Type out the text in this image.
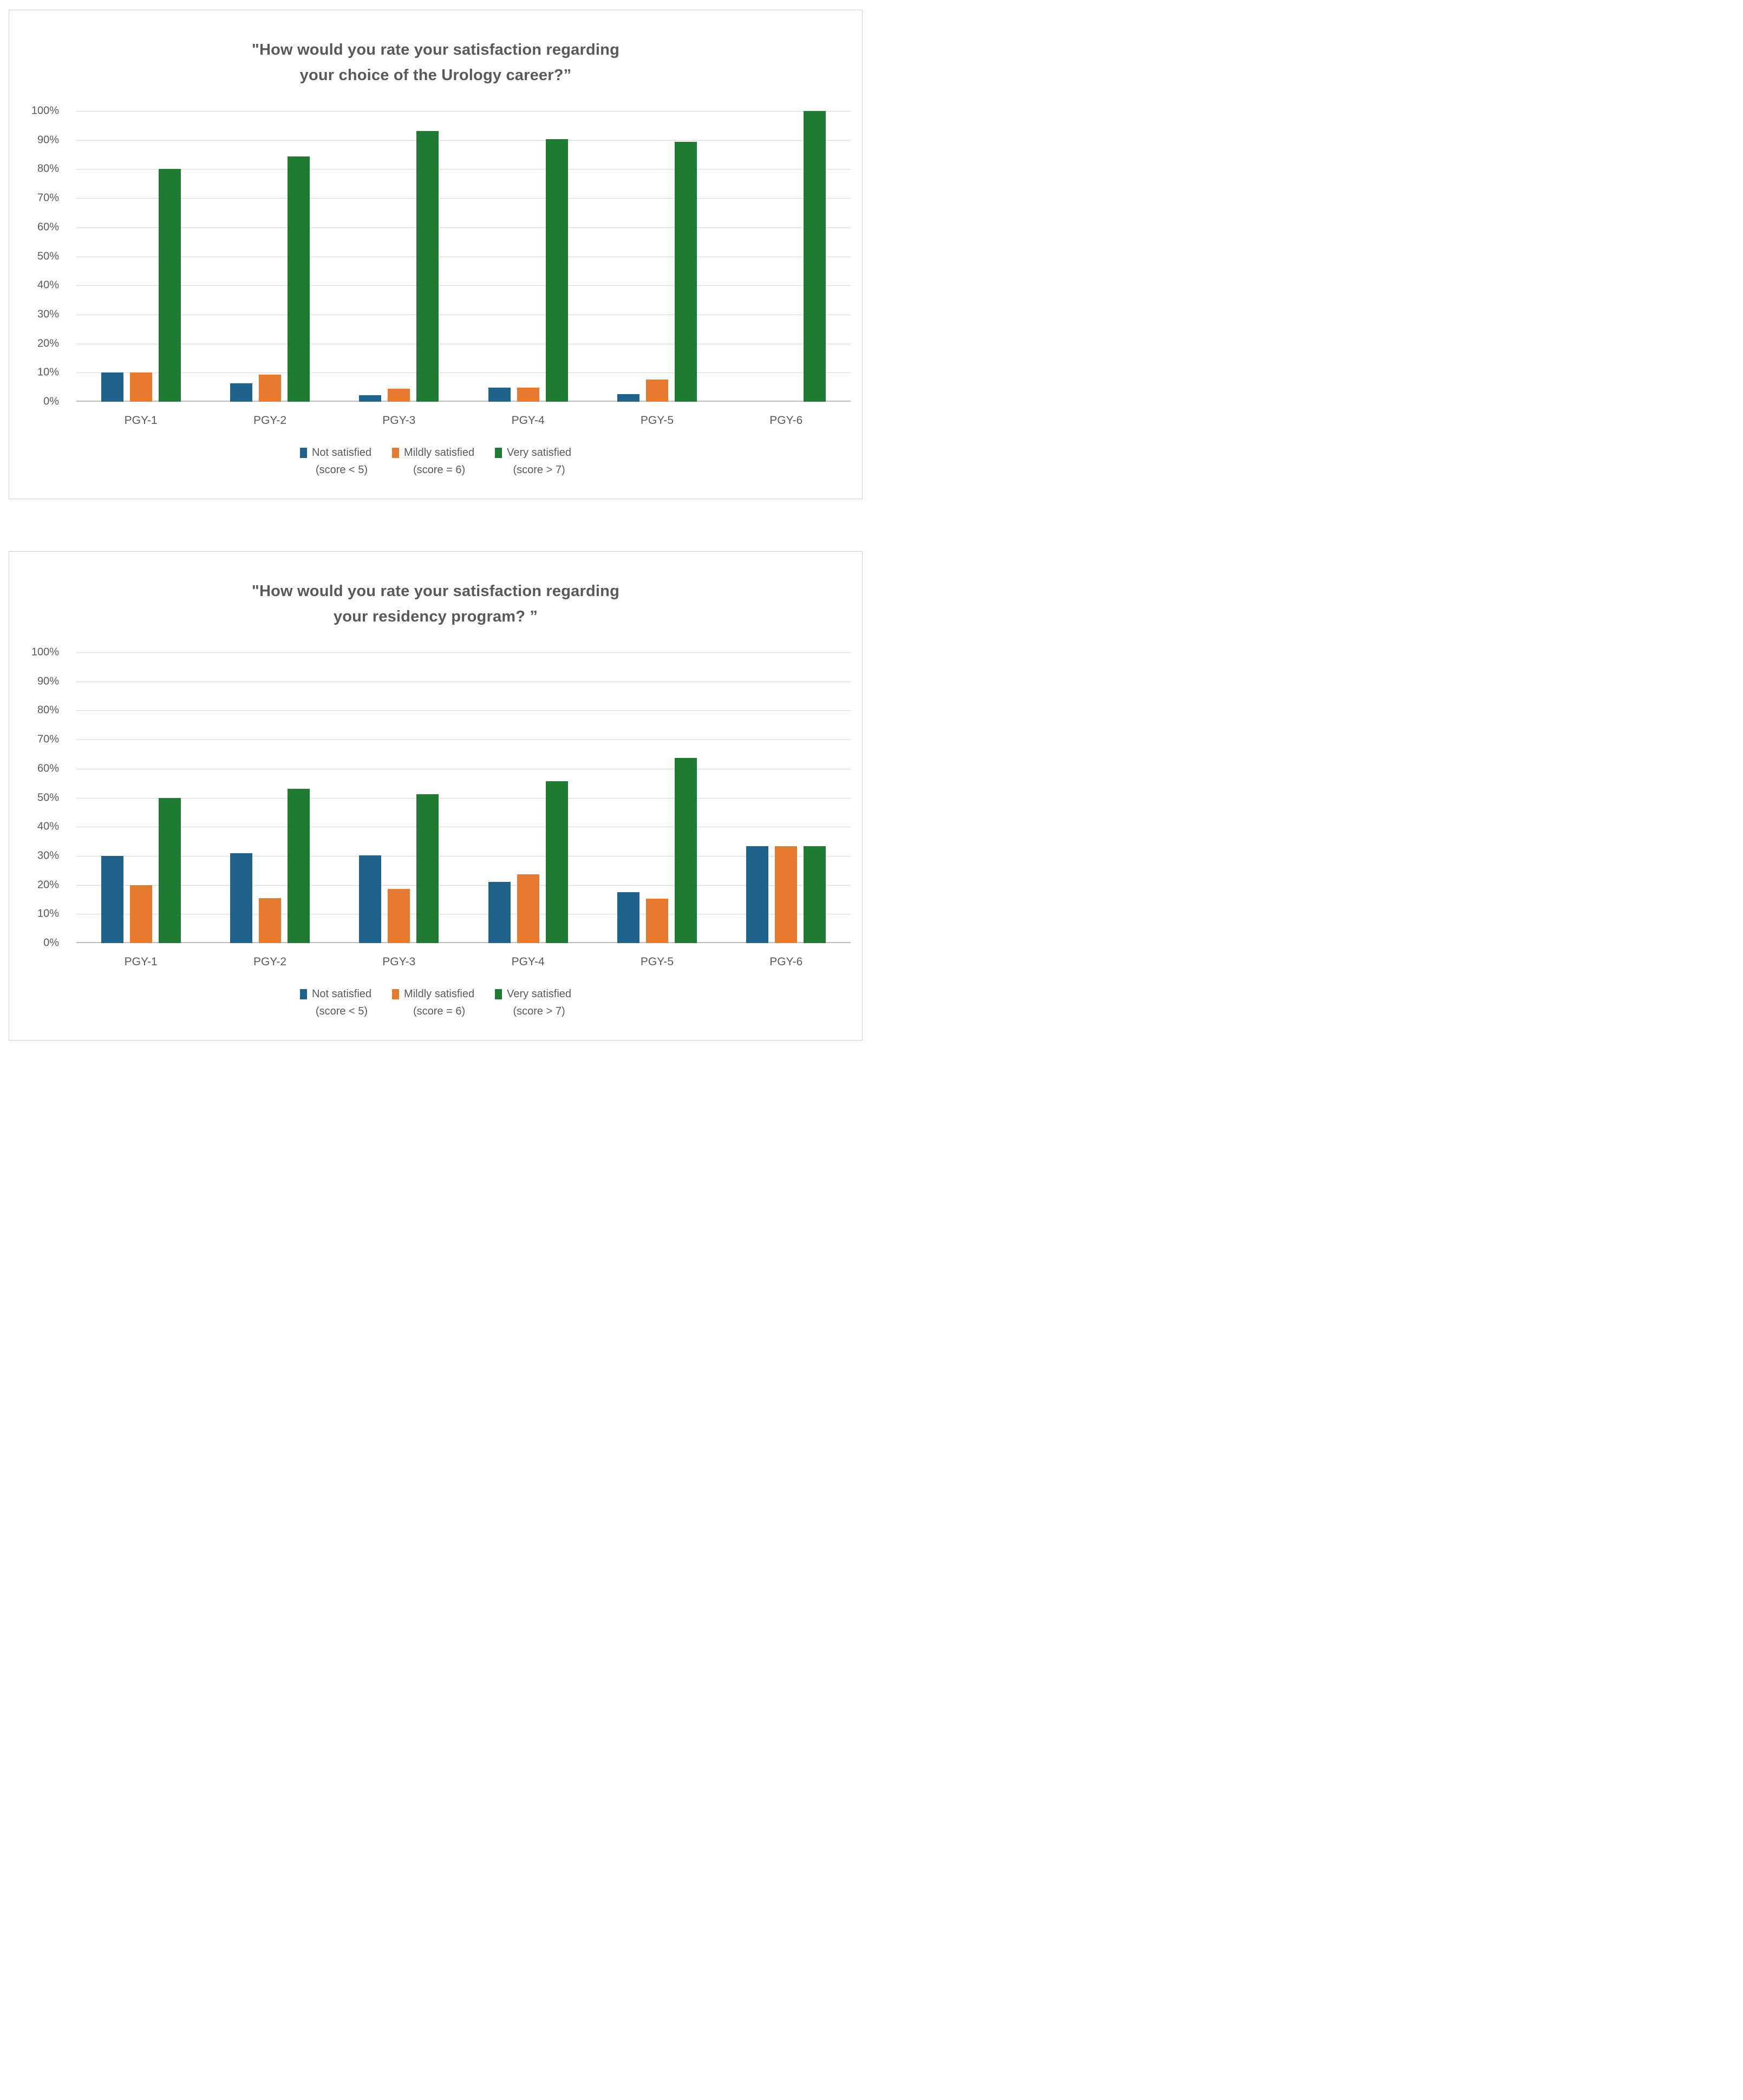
"How would you rate your satisfaction regarding
your choice of the Urology career?”
0%
10%
20%
30%
40%
50%
60%
70%
80%
90%
100%
PGY-1	PGY-2	PGY-3	PGY-4	PGY-5	PGY-6
Not satisfied
(score < 5)
Mildly satisfied
(score = 6)
Very satisfied
(score > 7)
"How would you rate your satisfaction regarding
your residency program? ”
0%
10%
20%
30%
40%
50%
60%
70%
80%
90%
100%
PGY-1	PGY-2	PGY-3	PGY-4	PGY-5	PGY-6
Not satisfied
(score < 5)
Mildly satisfied
(score = 6)
Very satisfied
(score > 7)
